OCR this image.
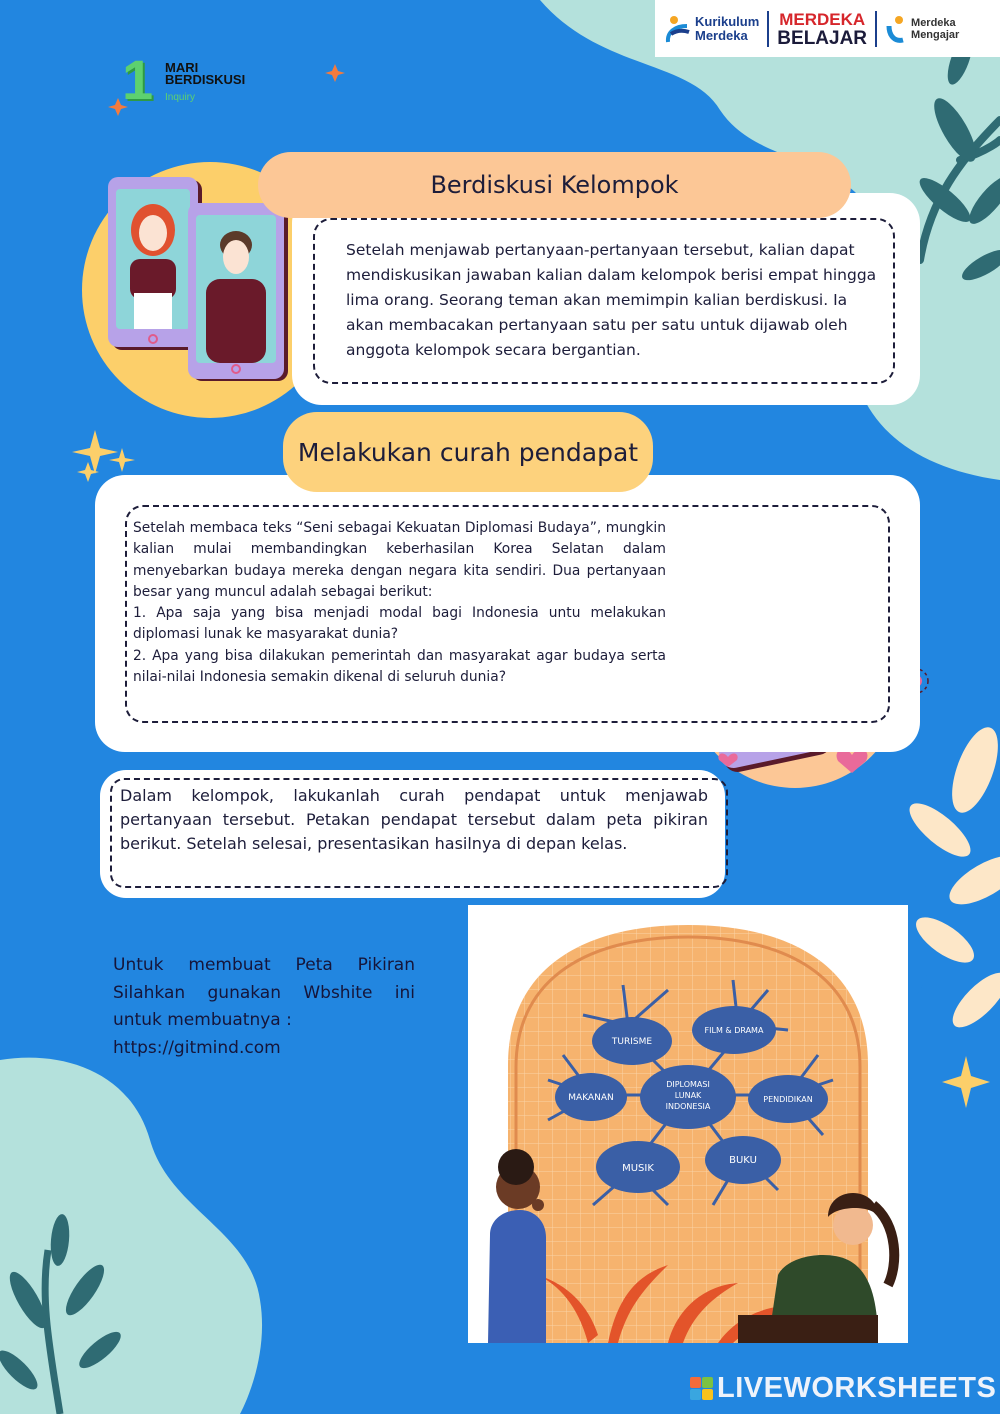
Kurikulum
Merdeka
MERDEKA
BELAJAR
Merdeka
Mengajar
1 MARI
BERDISKUSI
Inquiry
Berdiskusi Kelompok
Setelah menjawab pertanyaan-pertanyaan tersebut, kalian dapat mendiskusikan jawaban kalian dalam kelompok berisi empat hingga lima orang. Seorang teman akan memimpin kalian berdiskusi. Ia akan membacakan pertanyaan satu per satu untuk dijawab oleh anggota kelompok secara bergantian.
Melakukan curah pendapat

Setelah membaca teks “Seni sebagai Kekuatan Diplomasi Budaya”, mungkin kalian mulai membandingkan keberhasilan Korea Selatan dalam menyebarkan budaya mereka dengan negara kita sendiri. Dua pertanyaan besar yang muncul adalah sebagai berikut:

1. Apa saja yang bisa menjadi modal bagi Indonesia untu melakukan diplomasi lunak ke masyarakat dunia?

2. Apa yang bisa dilakukan pemerintah dan masyarakat agar budaya serta nilai-nilai Indonesia semakin dikenal di seluruh dunia?

Dalam kelompok, lakukanlah curah pendapat untuk menjawab pertanyaan tersebut. Petakan pendapat tersebut dalam peta pikiran berikut. Setelah selesai, presentasikan hasilnya di depan kelas.
Untuk membuat Peta Pikiran Silahkan gunakan Wbshite ini untuk membuatnya :
https://gitmind.com
DIPLOMASI
LUNAK
INDONESIA
TURISME
FILM & DRAMA
MAKANAN	PENDIDIKAN
MUSIK
BUKU
LIVEWORKSHEETS
